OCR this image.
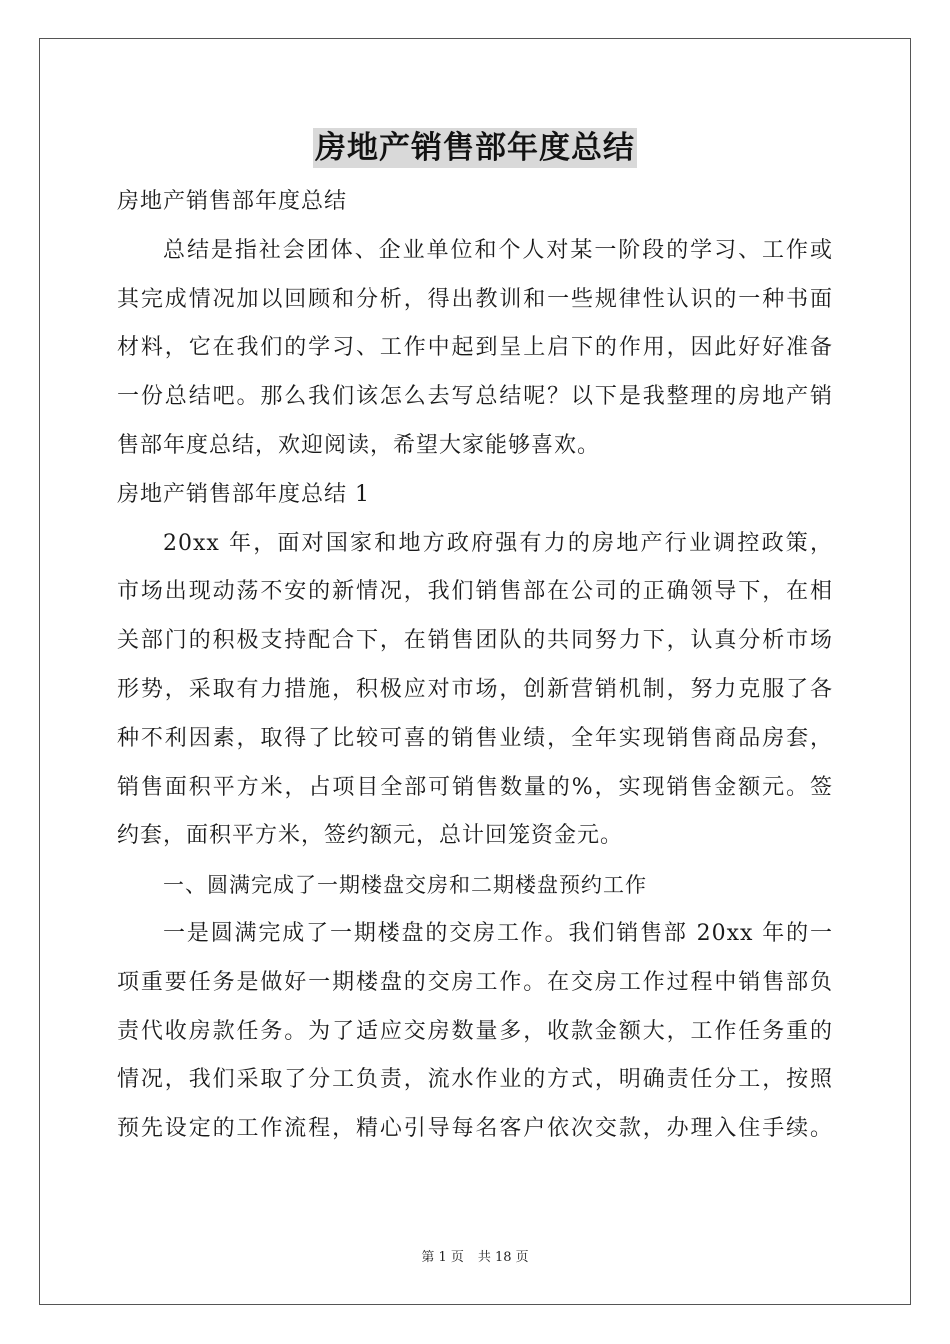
房地产销售部年度总结
房地产销售部年度总结
总结是指社会团体、企业单位和个人对某一阶段的学习、工作或
其完成情况加以回顾和分析，得出教训和一些规律性认识的一种书面
材料，它在我们的学习、工作中起到呈上启下的作用，因此好好准备
一份总结吧。那么我们该怎么去写总结呢？以下是我整理的房地产销
售部年度总结，欢迎阅读，希望大家能够喜欢。
房地产销售部年度总结 1
20xx 年，面对国家和地方政府强有力的房地产行业调控政策，
市场出现动荡不安的新情况，我们销售部在公司的正确领导下，在相
关部门的积极支持配合下，在销售团队的共同努力下，认真分析市场
形势，采取有力措施，积极应对市场，创新营销机制，努力克服了各
种不利因素，取得了比较可喜的销售业绩，全年实现销售商品房套，
销售面积平方米，占项目全部可销售数量的%，实现销售金额元。签
约套，面积平方米，签约额元，总计回笼资金元。
一、圆满完成了一期楼盘交房和二期楼盘预约工作
一是圆满完成了一期楼盘的交房工作。我们销售部 20xx 年的一
项重要任务是做好一期楼盘的交房工作。在交房工作过程中销售部负
责代收房款任务。为了适应交房数量多，收款金额大，工作任务重的
情况，我们采取了分工负责，流水作业的方式，明确责任分工，按照
预先设定的工作流程，精心引导每名客户依次交款，办理入住手续。
第 1 页 共 18 页
